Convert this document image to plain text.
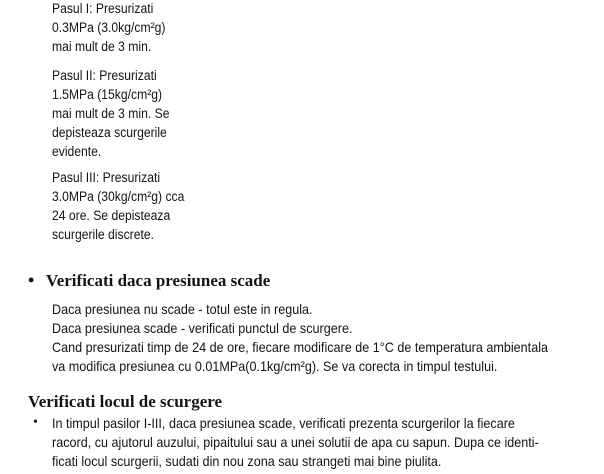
Pasul I: Presurizati
0.3MPa (3.0kg/cm²g)
mai mult de 3 min.
Pasul II: Presurizati
1.5MPa (15kg/cm²g)
mai mult de 3 min. Se
depisteaza scurgerile
evidente.
Pasul III: Presurizati
3.0MPa (30kg/cm²g) cca
24 ore. Se depisteaza
scurgerile discrete.
• Verificati daca presiunea scade
Daca presiunea nu scade - totul este in regula.
Daca presiunea scade - verificati punctul de scurgere.
Cand presurizati timp de 24 de ore, fiecare modificare de 1°C de temperatura ambientala
va modifica presiunea cu 0.01MPa(0.1kg/cm²g). Se va corecta in timpul testului.
Verificati locul de scurgere
• In timpul pasilor I-III, daca presiunea scade, verificati prezenta scurgerilor la fiecare
racord, cu ajutorul auzului, pipaitului sau a unei solutii de apa cu sapun. Dupa ce identi-
ficati locul scurgerii, sudati din nou zona sau strangeti mai bine piulita.
